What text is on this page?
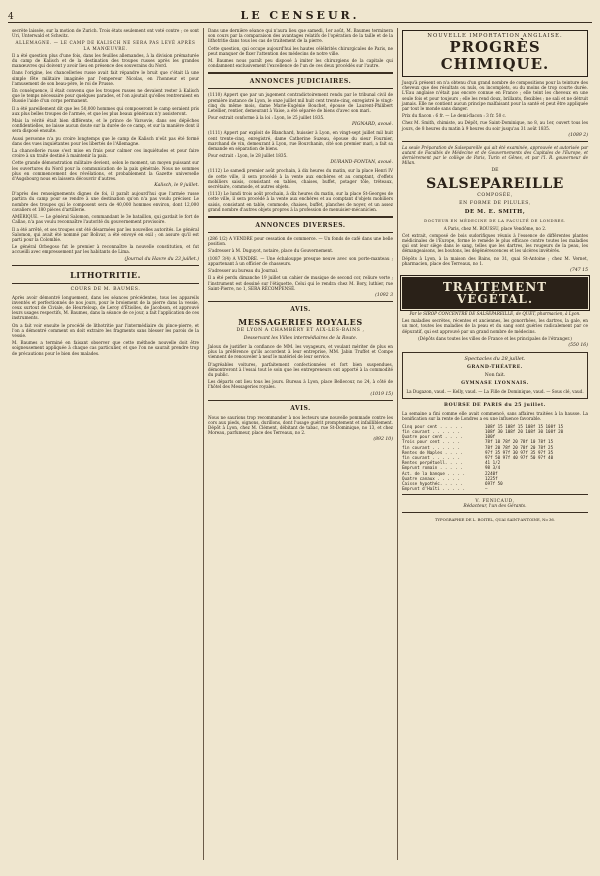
4	LE CENSEUR.

secrète laissée, sur la motion de Zurich. Trois états seulement ont voté contre ; ce sont Uri, Unterwald et Schwitz.

ALLEMAGNE. — LE CAMP DE KALISCH NE SERA PAS LEVÉ APRÈS LA MANŒUVRE.

Il a été question plus d'une fois, dans les feuilles allemandes, à la division prématurée du camp de Kalisch et de la destination des troupes russes après les grandes manœuvres qui doivent y avoir lieu en présence des souverains du Nord.

Dans l'origine, les chancelleries russe avait fait répandre le bruit que c'était là une simple fête militaire imaginée par l'empereur Nicolas, en l'honneur et pour l'amusement de son beau-père, le roi de Prusse.

En conséquence, il était convenu que les troupes russes ne devaient rester à Kalisch que le temps nécessaire pour quelques parades, et l'on ajoutait qu'elles rentreraient en Russie l'aide d'un corps permanent.

Il a été pareillement dit que les 50,000 hommes qui composeront le camp seraient pris aux plus belles troupes de l'armée, et que les plus beaux généraux n'y assisteront.

Mais la vérité était bien différente, et le prince de Varsovie, dans ses dépêches confidentielles, ne laisse aucun doute sur la durée de ce camp, et sur la manière dont il sera disposé ensuite.

Aussi personne n'a pu croire longtemps que le camp de Kalisch n'eût pas été formé dans des vues inquiétantes pour les libertés de l'Allemagne.

La chancellerie russe s'est mise en frais pour calmer ces inquiétudes et pour faire croire à un traité destiné à maintenir la paix.

Cette grande démonstration militaire devient, selon le moment, un moyen puissant sur les ouvertures du Nord pour la communication de la paix générale. Nous ne sommes plus en commencement des révélations, et probablement la Gazette universelle d'Augsbourg nous en laissera découvrir d'autres.

Kalisch, le 9 juillet.

D'après des renseignements dignes de foi, il paraît aujourd'hui que l'armée russe partira du camp pour se rendre à une destination qu'on n'a pas voulu préciser. Le nombre des troupes qui le composent sera de 40,000 hommes environ, dont 12,000 cavaliers et 180 pièces d'artillerie.

AMÉRIQUE. — Le général Salomon, commandant le 3e bataillon, qui gardait le fort de Callao, n'a pas voulu reconnaître l'autorité du gouvernement provisoire.

Il a été arrêté, et ses troupes ont été désarmées par les nouvelles autorités. Le général Salomon, qui avait été nommé par Bolivar, a été envoyé en exil ; on assure qu'il est parti pour la Colombie.

Le général Orbegoso fut le premier à reconnaître la nouvelle constitution, et fut accueilli avec empressement par les habitants de Lima.

(Journal du Havre du 23 juillet.)

LITHOTRITIE.
COURS DE M. BAUMES.

Après avoir démontré longuement, dans les séances précédentes, tous les appareils inventés et perfectionnés de nos jours, pour le broiement de la pierre dans la vessie, ceux surtout de Civiale, de Heurteloup, de Leroy d'Étiolles, de Jacobson, et approuvé leurs usages respectifs, M. Baumes, dans la séance de ce jour, a fait l'application de ces instruments.

On a fait voir ensuite le procédé de lithotritie par l'intermédiaire du pince-pierre, et l'on a démontré comment on doit extraire les fragments sans blesser les parois de la vessie.

M. Baumes a terminé en faisant observer que cette méthode nouvelle doit être soigneusement appliquée à chaque cas particulier, et que l'on ne saurait prendre trop de précautions pour le bien des malades.

Dans une dernière séance qui n'aura lieu que samedi, 1er août, M. Baumes terminera son cours par la comparaison des avantages relatifs de l'opération de la taille et de la lithotritie dans tous les cas de traitement de la pierre.

Cette question, qui occupe aujourd'hui les hautes célébrités chirurgicales de Paris, ne peut manquer de fixer l'attention des médecins de notre ville.

M. Baumes nous paraît peu disposé à imiter les chirurgiens de la capitale qui condamnent exclusivement l'excellence de l'un de ces deux procédés sur l'autre.

ANNONCES JUDICIAIRES.

(1110) Appert que par un jugement contradictoirement rendu par le tribunal civil de première instance de Lyon, le onze juillet mil huit cent trente-cinq, enregistré le vingt-cinq du même mois, dame Marie-Eugénie Bouchet, épouse de Laurent-Philibert Letellier, rentier, demeurant à Vaise, a été séparée de biens d'avec son mari.

Pour extrait conforme à la loi : Lyon, le 25 juillet 1835.

PIGNARD, avoué.

(1111) Appert par exploit de Blanchard, huissier à Lyon, en vingt-sept juillet mil huit cent trente-cinq, enregistré, dame Catherine Suzeau, épouse du sieur Fournier, marchand de vin, demeurant à Lyon, rue Bourchanin, cité son premier mari, a fait sa demande en séparation de biens.

Pour extrait : Lyon, le 28 juillet 1835.

DURAND-FONTAN, avoué.

(1112) Le samedi premier août prochain, à dix heures du matin, sur la place Henri IV de cette ville, il sera procédé à la vente aux enchères et au comptant, d'effets mobiliers saisis, consistant en tables, chaises, buffet, potager tôle, tréteaux, secrétaire, commode, et autres objets.

(1113) Le lundi trois août prochain, à dix heures du matin, sur la place St-Georges de cette ville, il sera procédé à la vente aux enchères et au comptant d'objets mobiliers saisis, consistant en table, commode, chaises, buffet, planches de noyer, et un assez grand nombre d'autres objets propres à la profession de menuisier-mécanicien.

ANNONCES DIVERSES.

(286 1/2) A VENDRE pour cessation de commerce. — Un fonds de café dans une belle position.

S'adresser à M. Duguyot, notaire, place du Gouvernement.

(1087 3/4) A VENDRE. — Une échalouppe presque neuve avec son porte-manteau ; appartenant à un officier de chasseurs.

S'adresser au bureau du Journal.

Il a été perdu dimanche 19 juillet un cahier de musique de second cor, reliure verte ; l'instrument est dessiné sur l'étiquette. Celui qui le rendra chez M. Bory, luthier, rue Saint-Pierre, no 1, SERA RÉCOMPENSÉ.

(1092 3

AVIS.
MESSAGERIES ROYALES
DE LYON A CHAMBÉRY ET AIX-LES-BAINS ,
Desservant les Villes intermédiaires de la Route.

Jaloux de justifier la confiance de MM. les voyageurs, et voulant mériter de plus en plus la préférence qu'ils accordent à leur entreprise, MM. Jabin Truffet et Compe viennent de renouveler à neuf le matériel de leur service.

D'agréables voitures, parfaitement confectionnées et fort bien suspendues, démontreront à l'essai tout le soin que les entrepreneurs ont apporté à la commodité du public.

Les départs ont lieu tous les jours. Bureau à Lyon, place Bellecour, no 24, à côté de l'hôtel des Messageries royales.

(1019 15)

AVIS.

Nous ne saurions trop recommander à nos lecteurs une nouvelle pommade contre les cors aux pieds, oignons, durillons, dont l'usage guérit promptement et infailliblement. Dépôt à Lyon, chez M. Clément, débitant de tabac, rue St-Dominique, no 13, et chez Moreau, parfumeur, place des Terreaux, no 2.

(892 10)

NOUVELLE IMPORTATION ANGLAISE.
PROGRÈS CHIMIQUE.

Jusqu'à présent on n'a obtenu d'un grand nombre de compositions pour la teinture des cheveux que des résultats ou nuls, ou incomplets, ou du moins de trop courte durée. L'Eau anglaise n'était pas encore connue en France ; elle teint les cheveux en une seule fois et pour toujours ; elle les rend doux, brillants, flexibles ; ne sali et ne détruit jamais. Elle ne contient aucun principe malfaisant pour la santé et peut être appliquée par tout le monde sans danger.

Prix du flacon : 6 fr. — Le demi-flacon : 3 fr. 50 c.

Chez M. Smith, chimiste, au Dépôt, rue Saint-Dominique, no 8, au 1er, ouvert tous les jours, de 8 heures du matin à 9 heures du soir jusqu'au 31 août 1835.

(1089 2)

La seule Préparation de Salsepareille qui ait été examinée, approuvée et autorisée par autant de Facultés de Médecine et de Gouvernements des Capitales de l'Europe, et dernièrement par le collège de Paris, Turin et Gênes, et par l'I. R. gouverneur de Milan.

DE
SALSEPAREILLE
COMPOSÉE,
EN FORME DE PILULES,
DE M. E. SMITH,
DOCTEUR EN MÉDECINE DE LA FACULTÉ DE LONDRES.

A Paris, chez M. ROUSSU, place Vendôme, no 2.

Cet extrait, composé de bois sudorifiques réunis à l'essence de différentes plantes médicinales de l'Europe, forme le remède le plus efficace contre toutes les maladies qui ont leur siège dans le sang, telles que les dartres, les rougeurs de la peau, les démangeaisons, les boutons, les dégénérescences et les ulcères invétérés.

Dépôts à Lyon, à la maison des Bains, no 31, quai St-Antoine ; chez M. Vernet, pharmacien, place des Terreaux, no 1.

(747 15

TRAITEMENT VÉGÉTAL.

Par le SIROP CONCENTRÉ DE SALSEPAREILLE, de QUET, pharmacien, à Lyon.

Les maladies secrètes, récentes et anciennes, les gonorrhées, les dartres, la gale, en un mot, toutes les maladies de la peau et du sang sont guéries radicalement par ce dépuratif, qui est approuvé par un grand nombre de médecins.

(Dépôts dans toutes les villes de France et les principales de l'étranger.)

(550 16)

Spectacles du 28 juillet.
GRAND-THÉATRE.
Non fait.
GYMNASE LYONNAIS.

La Dugazon, vaud. — Kelly, vaud. — La Fille de Dominique, vaud. — Sous clé, vaud.

BOURSE DE PARIS du 25 juillet.

La semaine a fini comme elle avait commencé, sans affaires traitées à la hausse. La bonification sur la rente de Londres a eu une influence favorable.

Cinq pour cent . . . . .	108f 15 108f 15 108f 15 108f 15
fin courant . . . . . .	108f 30 108f 20 108f 30 108f 20
Quatre pour cent . . . .	100f
Trois pour cent . . . .	78f 10 78f 20 78f 10 78f 15
fin courant . . . . . .	78f 20 78f 20 78f 20 78f 25
Rentes de Naples . . . .	97f 35 97f 30 97f 35 97f 35
fin courant . . . . . .	97f 50 97f 40 97f 50 97f 40
Rentes perpétuell. . . .	41 1/2
Emprunt romain . . . . .	98 3/4
Act. de la banque . . . .	2240f
Quatre canaux . . . . .	1225f
Caisse hypothéc. . . . .	697f 50
Emprunt d'Haïti . . . . .	—
V. FENICAUD,
Rédacteur, l'un des Gérants.
TYPOGRAPHIE DE L. BOITEL, QUAI SAINT-ANTOINE, No 36.
